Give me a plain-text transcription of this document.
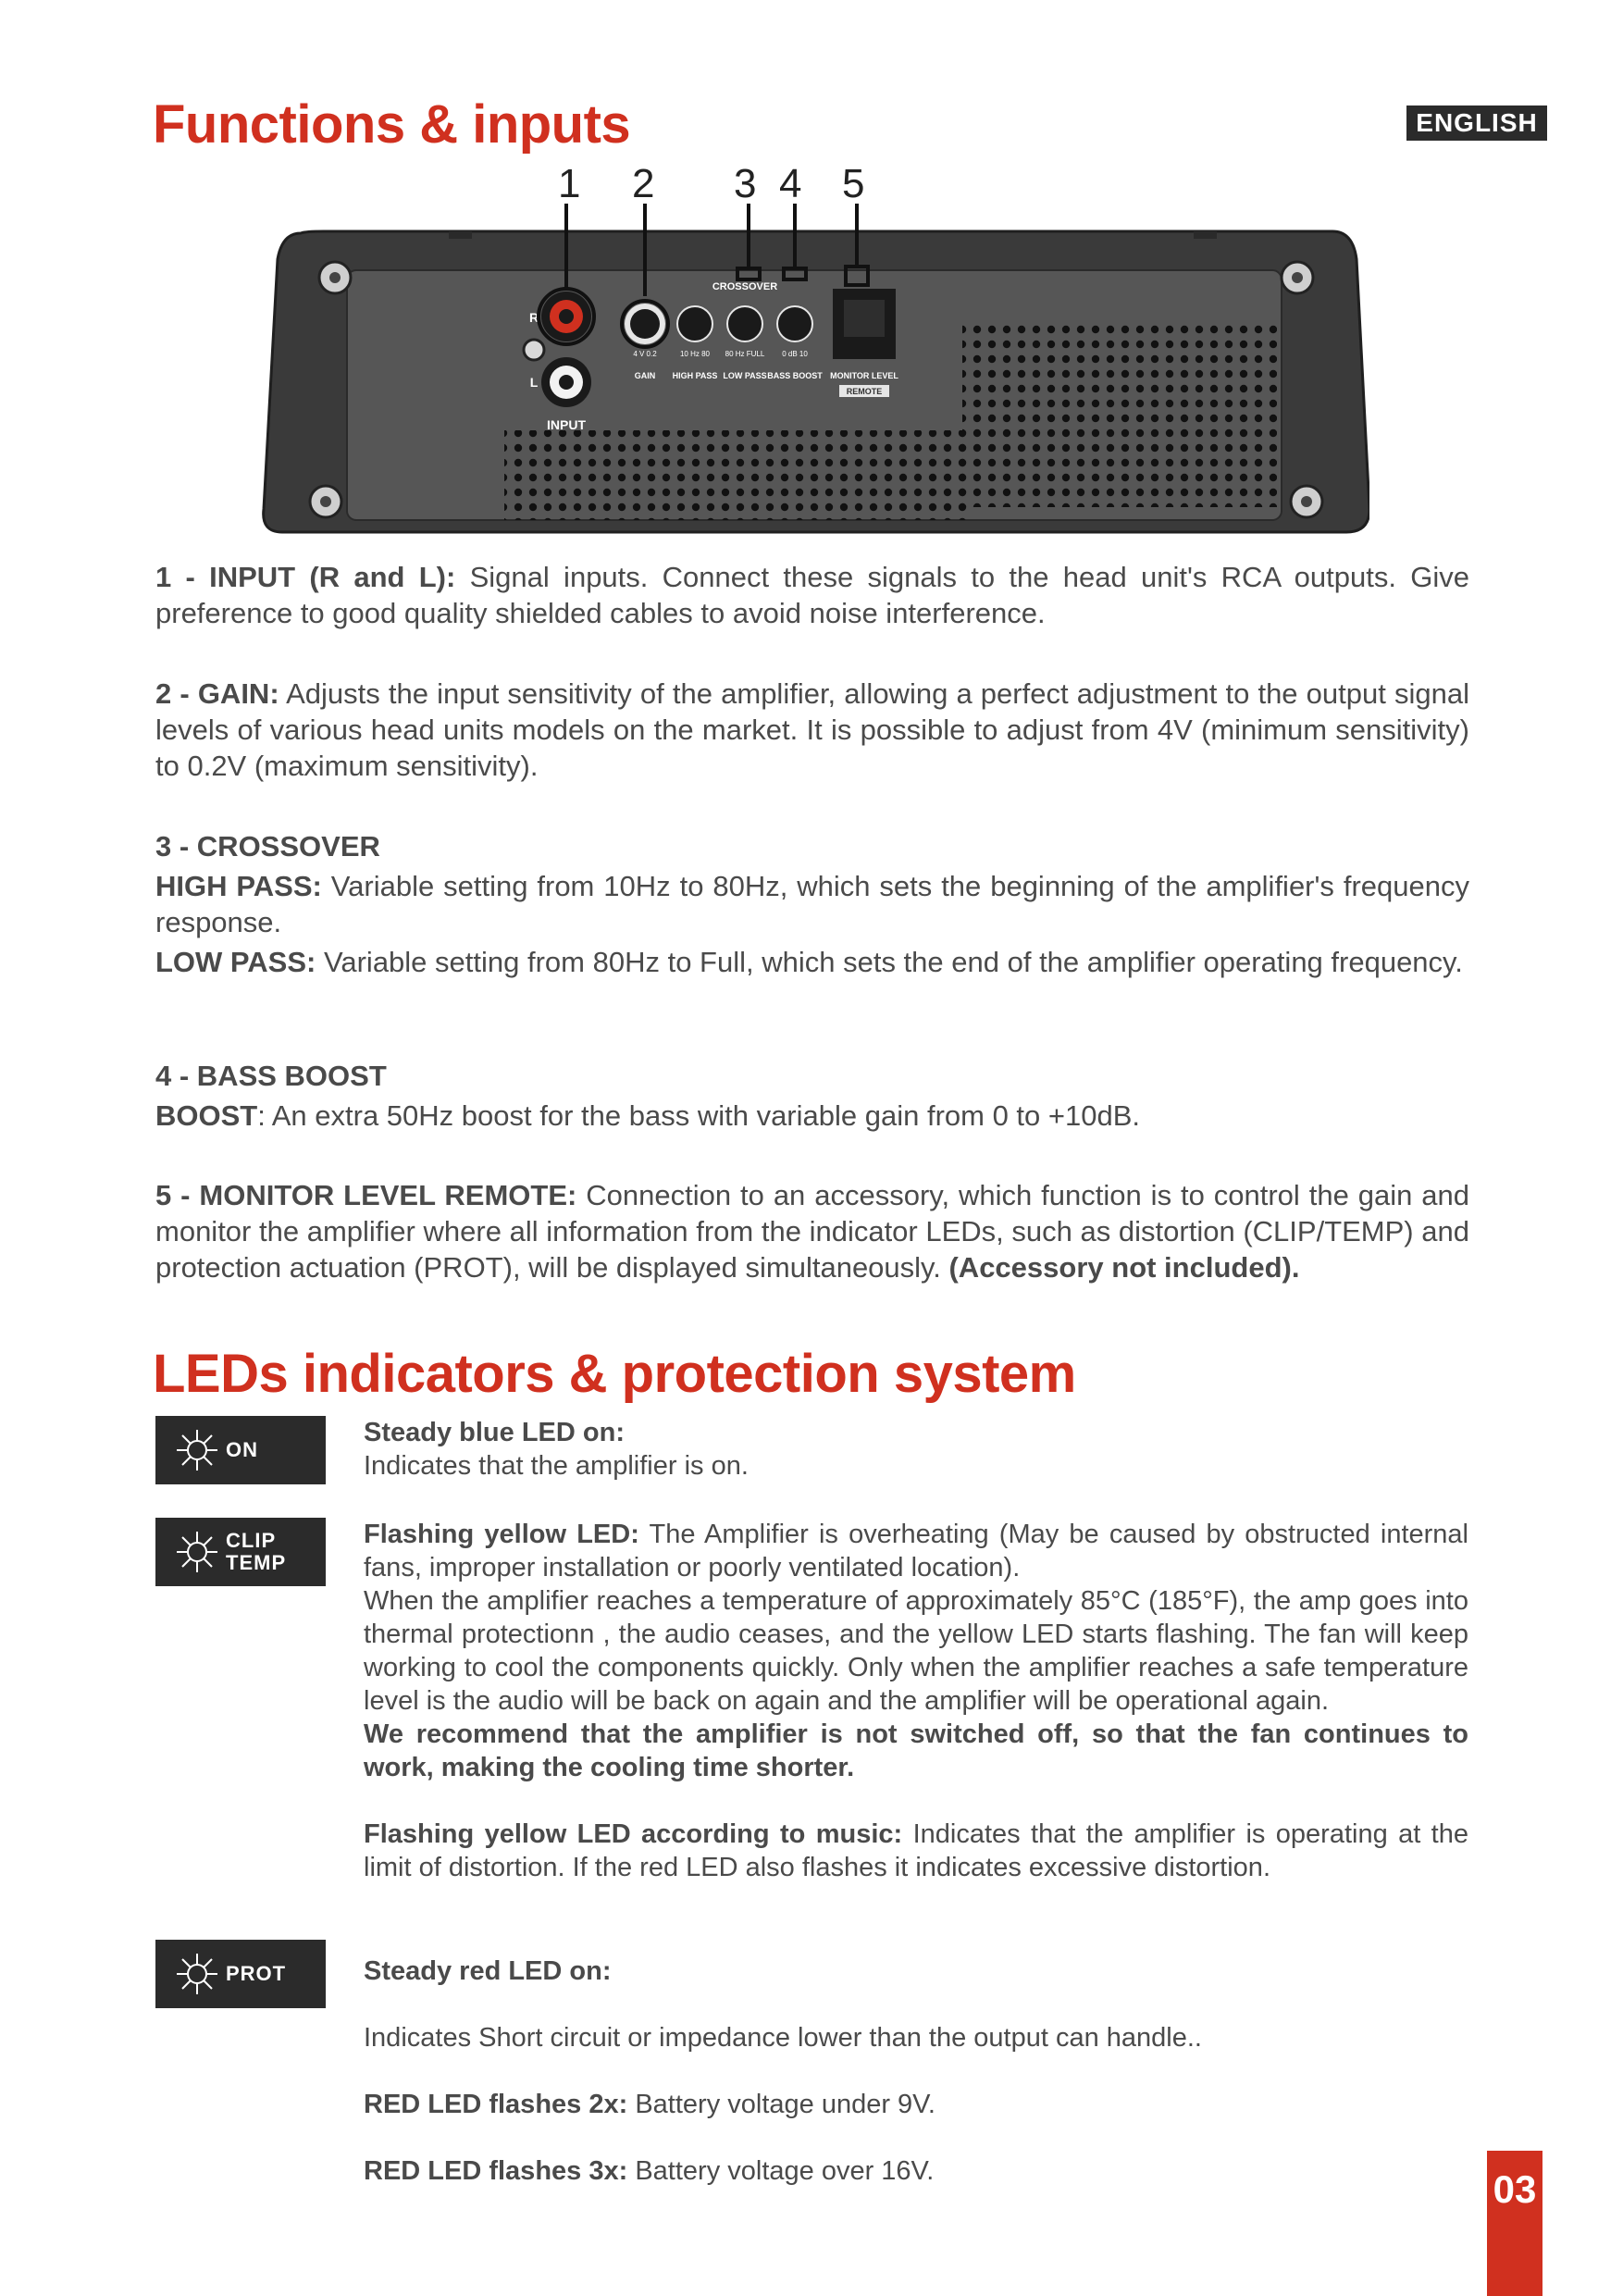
Functions & inputs	ENGLISH
1 2 3 4 5
R
L
INPUT
CROSSOVER
4 V 0.2	10 Hz 80 80 Hz FULL 0 dB 10
GAIN HIGH PASS LOW PASS BASS BOOST MONITOR LEVEL
REMOTE
1 - INPUT (R and L): Signal inputs. Connect these signals to the head unit's RCA outputs. Give preference to good quality shielded cables to avoid noise interference.
2 - GAIN: Adjusts the input sensitivity of the amplifier, allowing a perfect adjustment to the output signal levels of various head units models on the market. It is possible to adjust from 4V (minimum sensitivity) to 0.2V (maximum sensitivity).
3 - CROSSOVER
HIGH PASS: Variable setting from 10Hz to 80Hz, which sets the beginning of the amplifier's frequency response.
LOW PASS: Variable setting from 80Hz to Full, which sets the end of the amplifier operating frequency.
4 - BASS BOOST
BOOST: An extra 50Hz boost for the bass with variable gain from 0 to +10dB.
5 - MONITOR LEVEL REMOTE: Connection to an accessory, which function is to control the gain and monitor the amplifier where all information from the indicator LEDs, such as distortion (CLIP/TEMP) and protection actuation (PROT), will be displayed simultaneously. (Accessory not included).
LEDs indicators & protection system
ON
Steady blue LED on:
Indicates that the amplifier is on.
CLIP
TEMP
Flashing yellow LED: The Amplifier is overheating (May be caused by obstructed internal fans, improper installation or poorly ventilated location).
When the amplifier reaches a temperature of approximately 85°C (185°F), the amp goes into thermal protectionn , the audio ceases, and the yellow LED starts flashing. The fan will keep working to cool the components quickly. Only when the amplifier reaches a safe temperature level is the audio will be back on again and the amplifier will be operational again.
We recommend that the amplifier is not switched off, so that the fan continues to work, making the cooling time shorter.
Flashing yellow LED according to music: Indicates that the amplifier is operating at the limit of distortion. If the red LED also flashes it indicates excessive distortion.
PROT	Steady red LED on:
Indicates Short circuit or impedance lower than the output can handle..
RED LED flashes 2x: Battery voltage under 9V.
RED LED flashes 3x: Battery voltage over 16V.	03
